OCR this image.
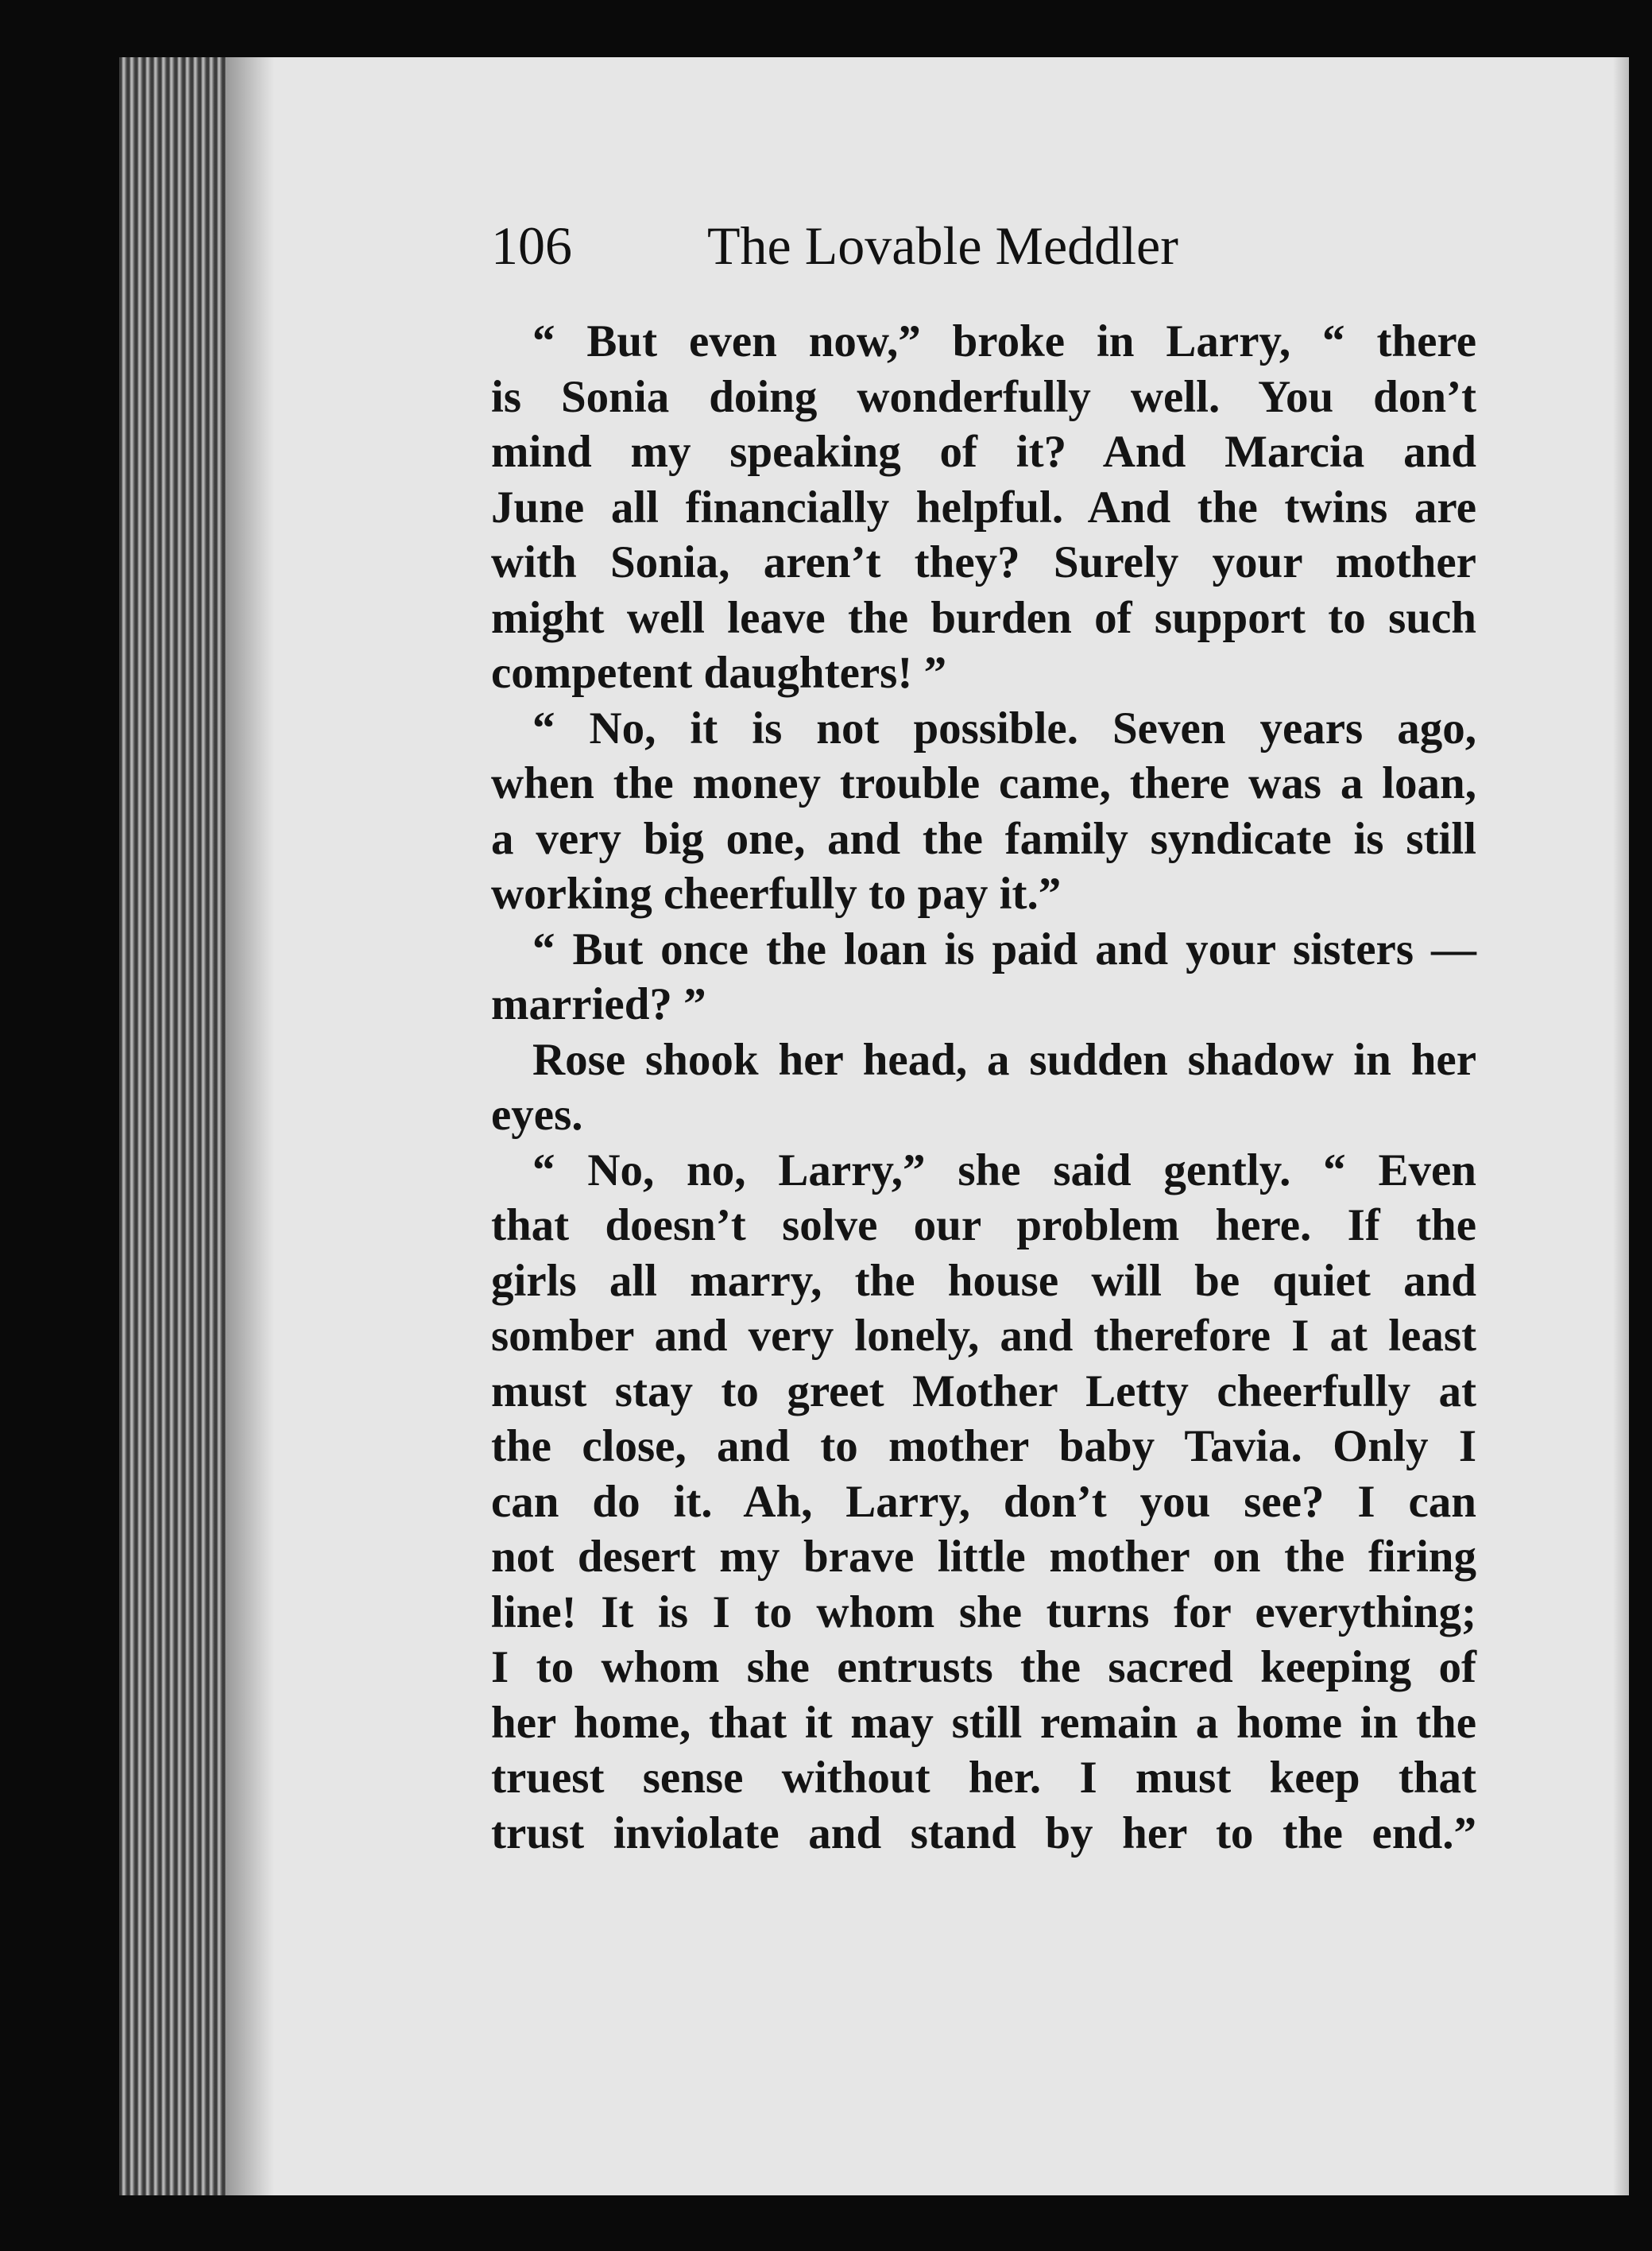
106	The Lovable Meddler
“ But even now,” broke in Larry, “ there
is Sonia doing wonderfully well. You don’t
mind my speaking of it? And Marcia and
June all financially helpful. And the twins are
with Sonia, aren’t they? Surely your mother
might well leave the burden of support to such
competent daughters! ”
“ No, it is not possible. Seven years ago,
when the money trouble came, there was a loan,
a very big one, and the family syndicate is still
working cheerfully to pay it.”
“ But once the loan is paid and your sisters —
married? ”
Rose shook her head, a sudden shadow in her
eyes.
“ No, no, Larry,” she said gently. “ Even
that doesn’t solve our problem here. If the
girls all marry, the house will be quiet and
somber and very lonely, and therefore I at least
must stay to greet Mother Letty cheerfully at
the close, and to mother baby Tavia. Only I
can do it. Ah, Larry, don’t you see? I can
not desert my brave little mother on the firing
line! It is I to whom she turns for everything;
I to whom she entrusts the sacred keeping of
her home, that it may still remain a home in the
truest sense without her. I must keep that
trust inviolate and stand by her to the end.”
